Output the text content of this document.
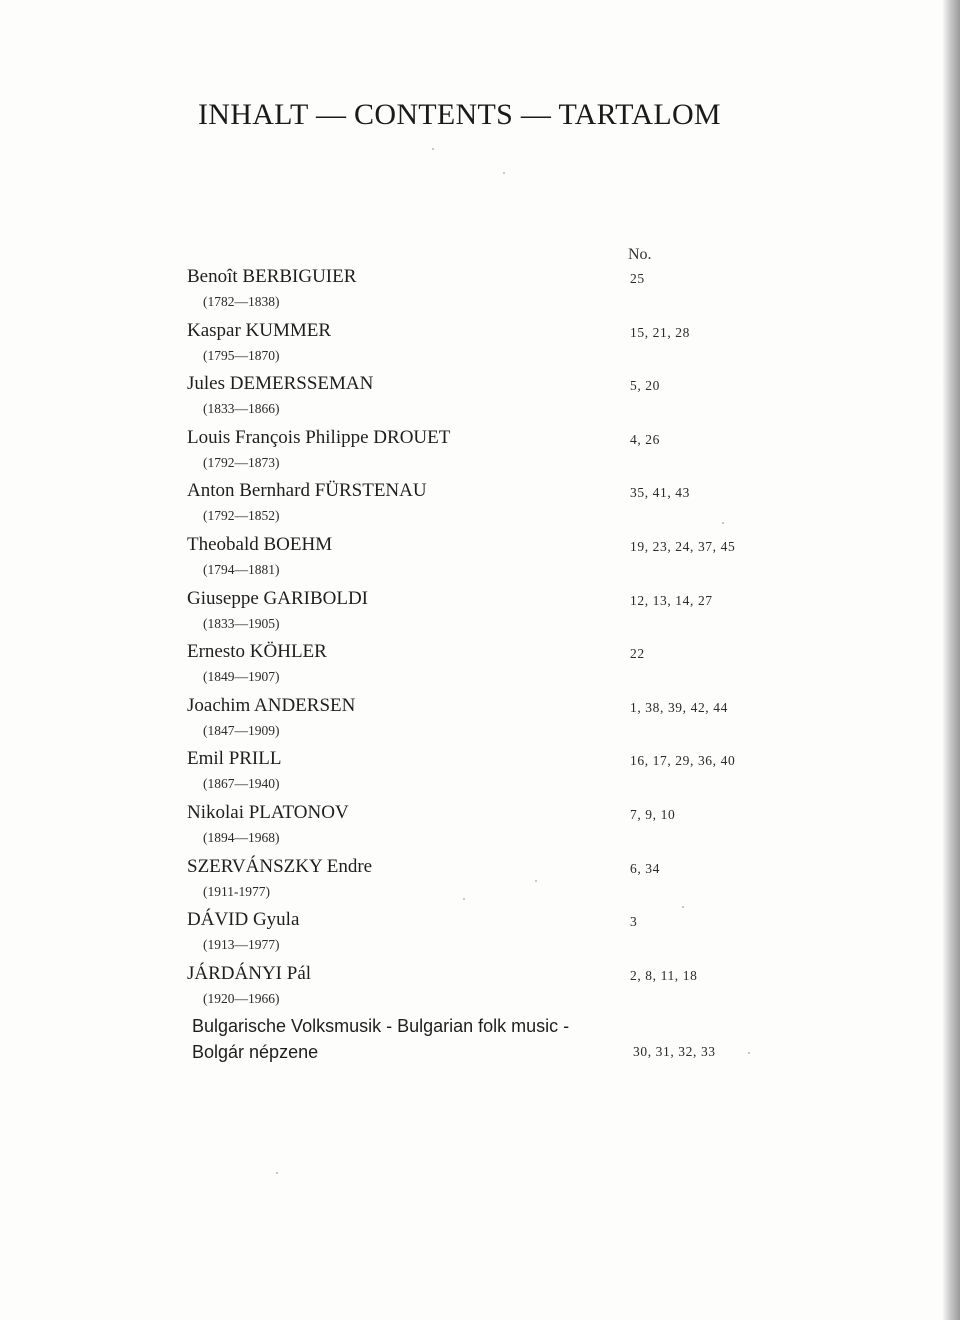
INHALT — CONTENTS — TARTALOM
No.
Benoît BERBIGUIER
(1782—1838)
25
Kaspar KUMMER
(1795—1870)
15, 21, 28
Jules DEMERSSEMAN
(1833—1866)
5, 20
Louis François Philippe DROUET
(1792—1873)
4, 26
Anton Bernhard FÜRSTENAU
(1792—1852)
35, 41, 43
Theobald BOEHM
(1794—1881)
19, 23, 24, 37, 45
Giuseppe GARIBOLDI
(1833—1905)
12, 13, 14, 27
Ernesto KÖHLER
(1849—1907)
22
Joachim ANDERSEN
(1847—1909)
1, 38, 39, 42, 44
Emil PRILL
(1867—1940)
16, 17, 29, 36, 40
Nikolai PLATONOV
(1894—1968)
7, 9, 10
SZERVÁNSZKY Endre
(1911-1977)
6, 34
DÁVID Gyula
(1913—1977)
3
JÁRDÁNYI Pál
(1920—1966)
2, 8, 11, 18
Bulgarische Volksmusik - Bulgarian folk music -
Bolgár népzene	30, 31, 32, 33
